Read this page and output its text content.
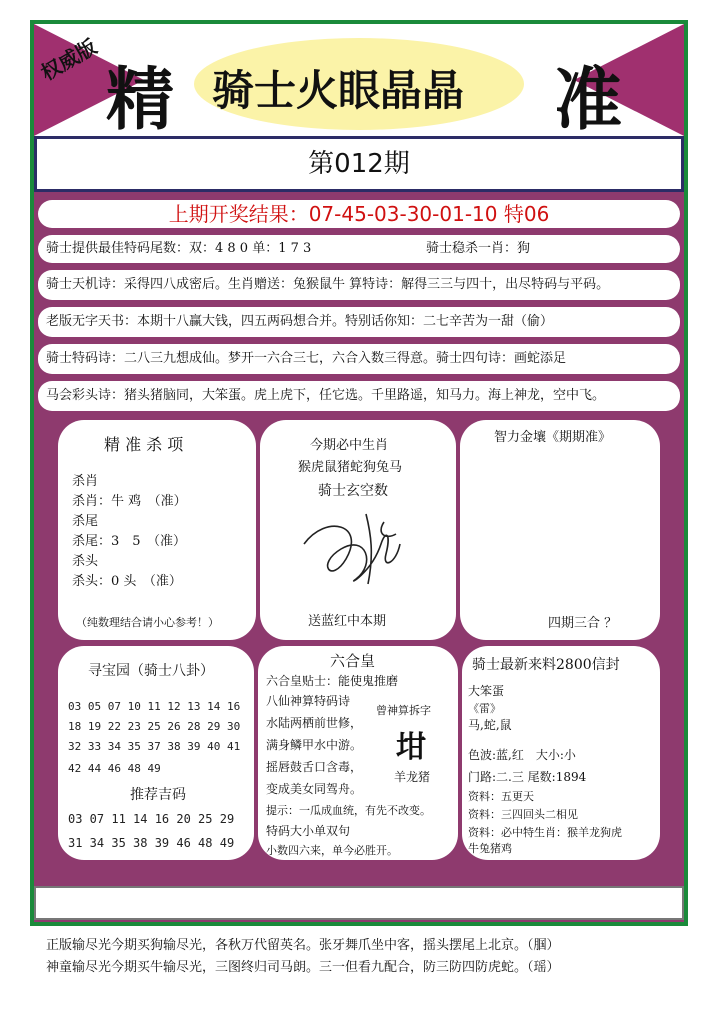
权威版
精 骑士火眼晶晶 准
第012期
上期开奖结果：07-45-03-30-01-10 特06
骑士提供最佳特码尾数：双：4 8 0 单：1 7 3	骑士稳杀一肖：狗
骑士天机诗：采得四八成密后。生肖赠送：兔猴鼠牛 算特诗：解得三三与四十，出尽特码与平码。
老版无字天书：本期十八赢大钱，四五两码想合并。特别话你知：二七辛苦为一甜（偷）
骑士特码诗：二八三九想成仙。梦开一六合三七，六合入数三得意。骑士四句诗：画蛇添足
马会彩头诗：猪头猪脑同，大笨蛋。虎上虎下，任它选。千里路遥，知马力。海上神龙，空中飞。
精 准 杀 项
杀肖
杀肖：牛 鸡　（准）
杀尾
杀尾：3　5　（准）
杀头
杀头：0 头　（准）
（纯数理结合请小心参考！）
今期必中生肖
猴虎鼠猪蛇狗兔马
骑士玄空数
送蓝红中本期
智力金壤《期期准》
四期三合 ？
寻宝园（骑士八卦）
03 05 07 10 11 12 13 14 16
18 19 22 23 25 26 28 29 30
32 33 34 35 37 38 39 40 41
42 44 46 48 49
推荐吉码
03 07 11 14 16 20 25 29
31 34 35 38 39 46 48 49
六合皇
六合皇贴士：能使鬼推磨
八仙神算特码诗
水陆两栖前世修，
满身鳞甲水中游。
摇唇鼓舌口含毒，
变成美女同驾舟。
曾神算拆字
坩
羊龙猪
提示：一瓜成血统，有先不改变。
特码大小单双句
小数四六来，单今必胜开。
骑士最新来料2800信封
大笨蛋
《雷》
马,蛇,鼠
色波:蓝,红　大小:小
门路:二.三 尾数:1894
资料：五更天
资料：三四回头二相见
资料：必中特生肖：猴羊龙狗虎
牛兔猪鸡
正版输尽光今期买狗输尽光，各秋万代留英名。张牙舞爪坐中客，摇头摆尾上北京。（腘）
神童输尽光今期买牛输尽光，三图终归司马朗。三一但看九配合，防三防四防虎蛇。（瑶）
